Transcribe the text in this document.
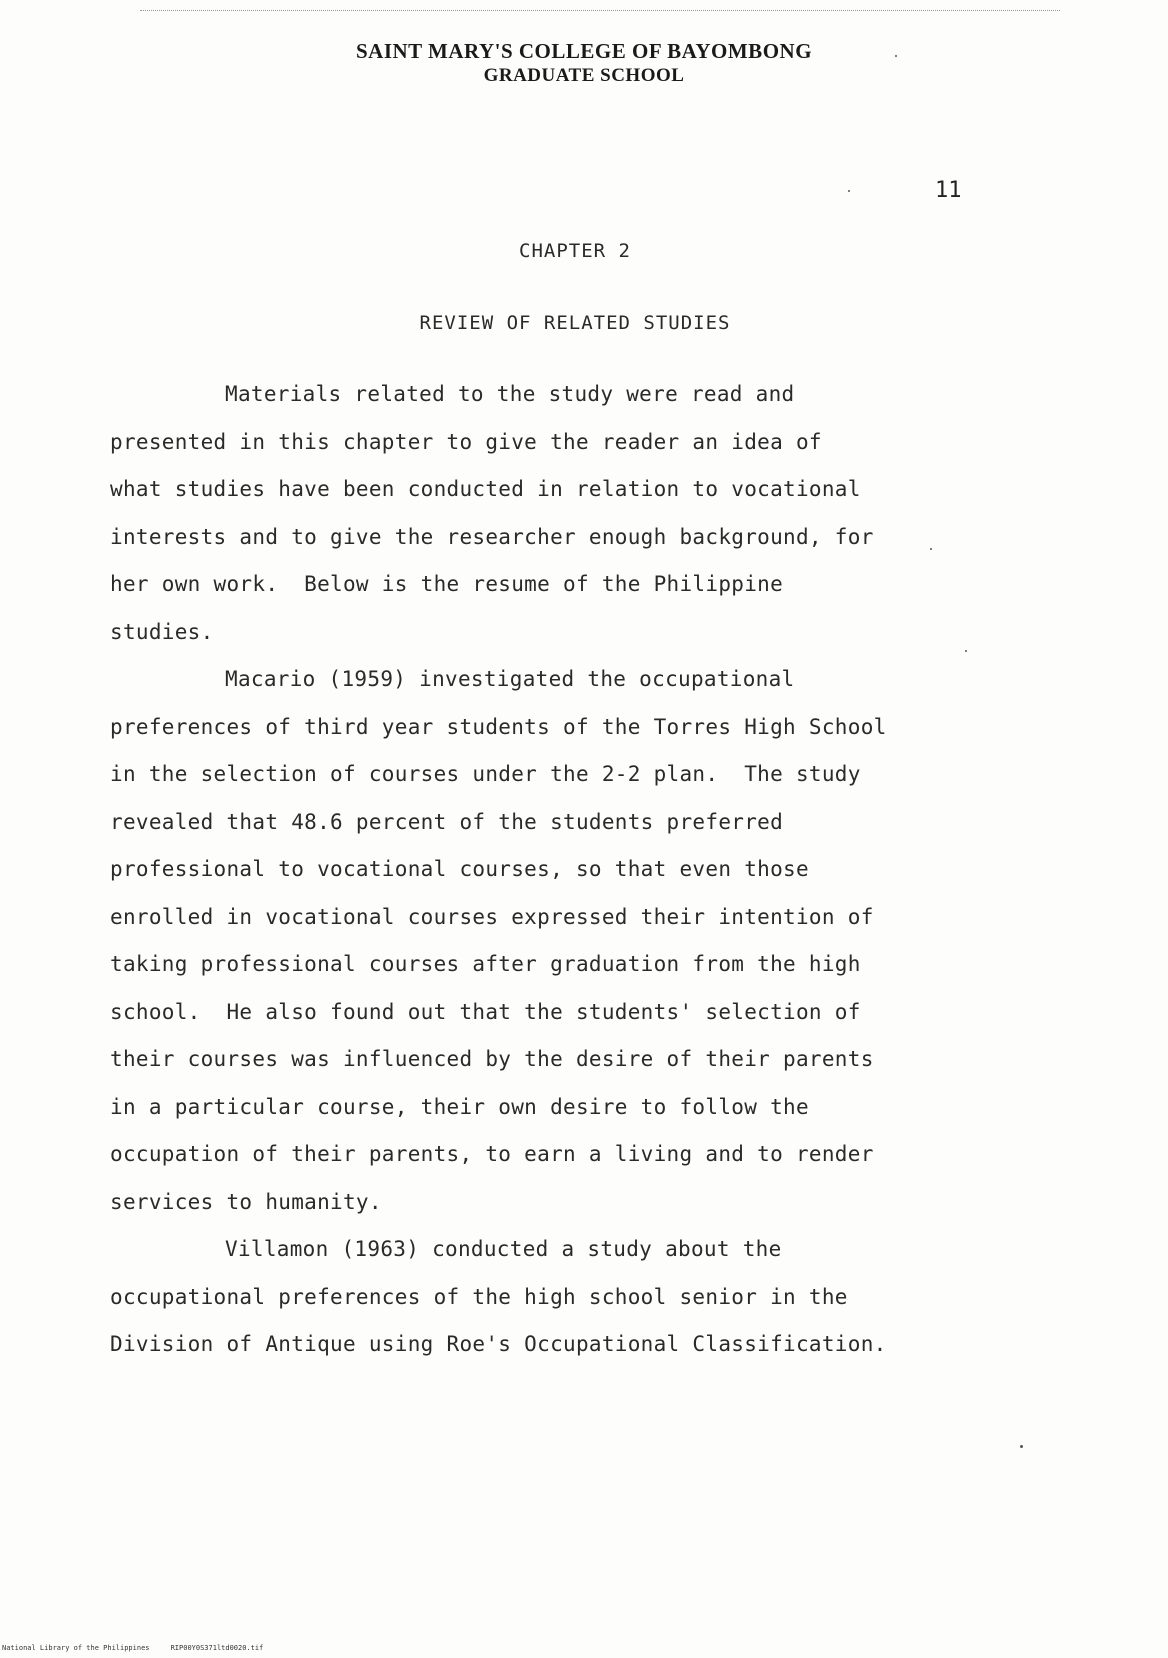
SAINT MARY'S COLLEGE OF BAYOMBONG
GRADUATE SCHOOL
11
CHAPTER 2
REVIEW OF RELATED STUDIES
Materials related to the study were read and
presented in this chapter to give the reader an idea of
what studies have been conducted in relation to vocational
interests and to give the researcher enough background, for
her own work.  Below is the resume of the Philippine
studies.
Macario (1959) investigated the occupational
preferences of third year students of the Torres High School
in the selection of courses under the 2-2 plan.  The study
revealed that 48.6 percent of the students preferred
professional to vocational courses, so that even those
enrolled in vocational courses expressed their intention of
taking professional courses after graduation from the high
school.  He also found out that the students' selection of
their courses was influenced by the desire of their parents
in a particular course, their own desire to follow the
occupation of their parents, to earn a living and to render
services to humanity.
Villamon (1963) conducted a study about the
occupational preferences of the high school senior in the
Division of Antique using Roe's Occupational Classification.
National Library of the Philippines	RIP00Y0S371ltd0020.tif
